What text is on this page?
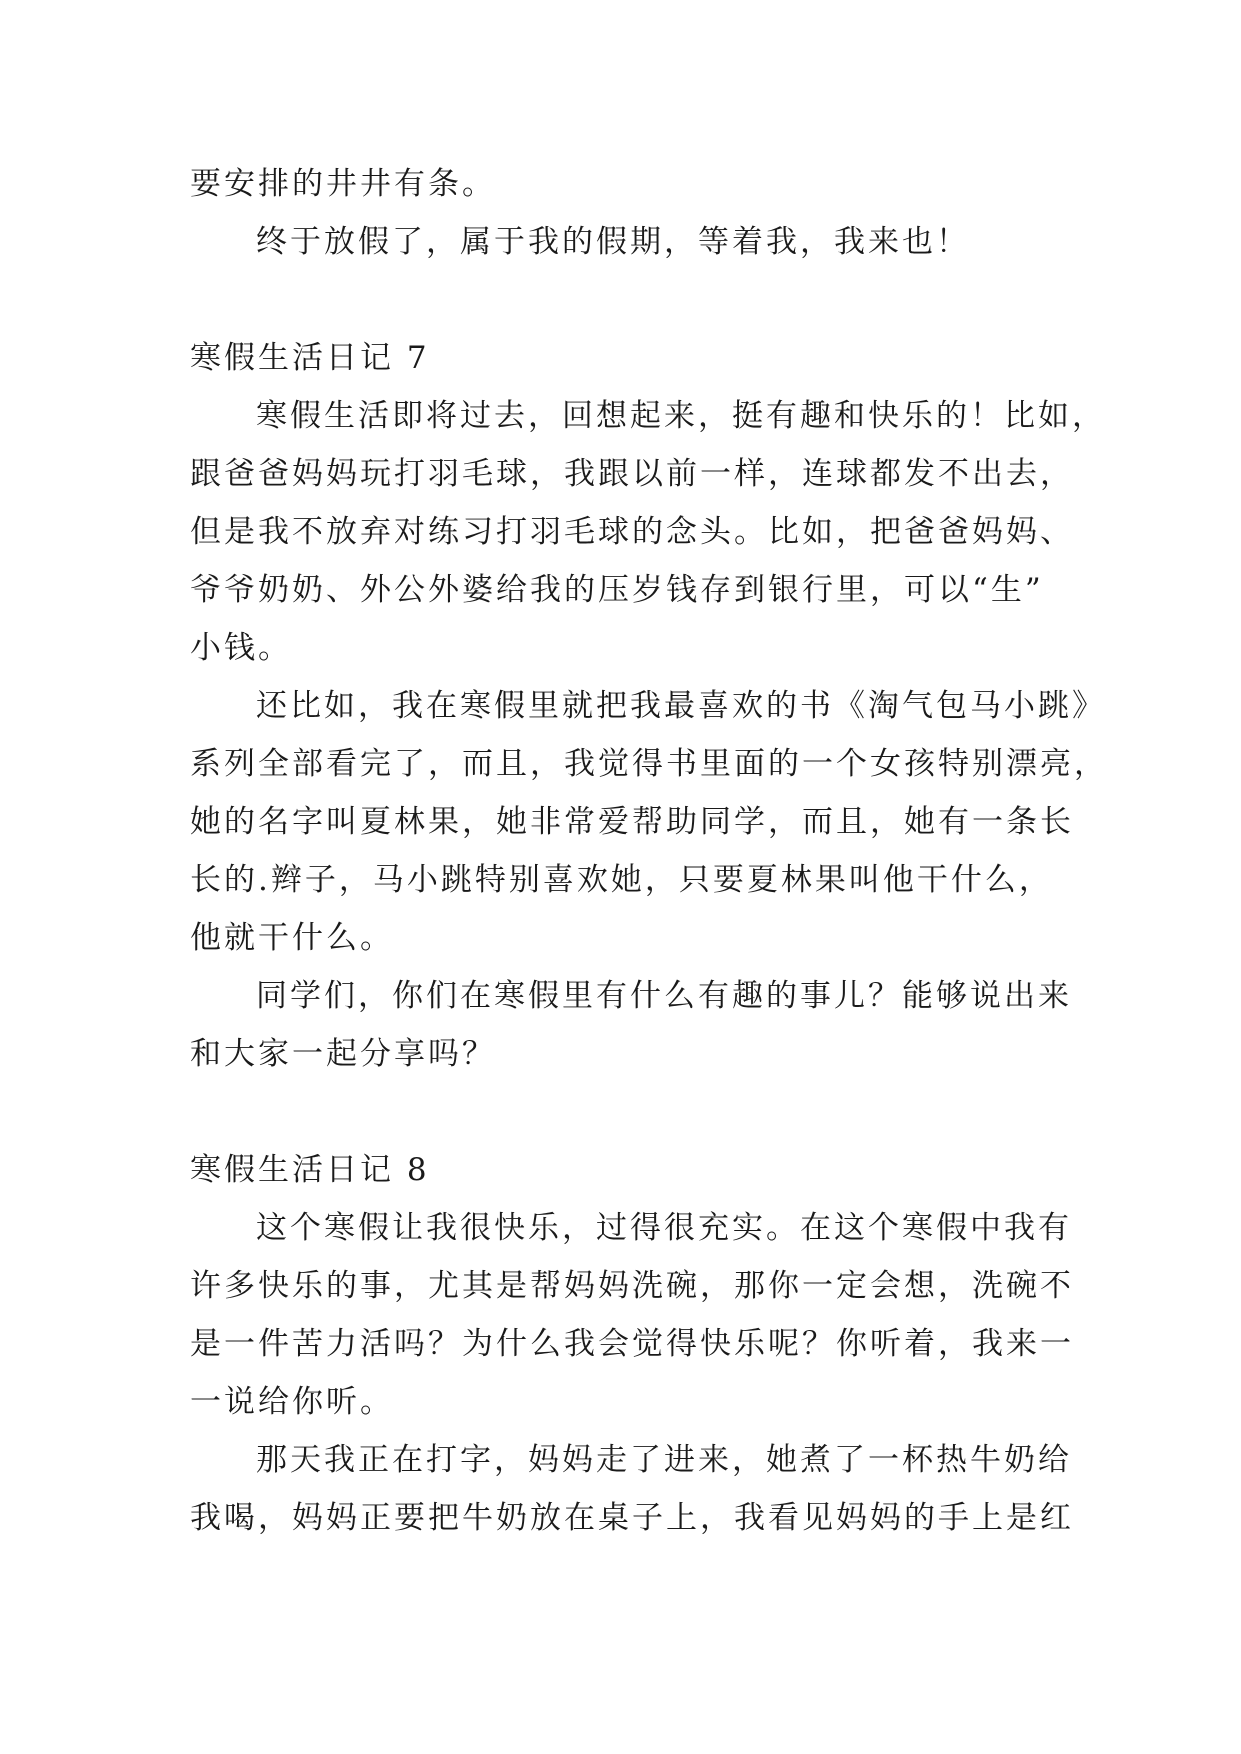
要安排的井井有条。
终于放假了，属于我的假期，等着我，我来也！
寒假生活日记 7
寒假生活即将过去，回想起来，挺有趣和快乐的！比如，
跟爸爸妈妈玩打羽毛球，我跟以前一样，连球都发不出去，
但是我不放弃对练习打羽毛球的念头。比如，把爸爸妈妈、
爷爷奶奶、外公外婆给我的压岁钱存到银行里，可以“生”
小钱。
还比如，我在寒假里就把我最喜欢的书《淘气包马小跳》
系列全部看完了，而且，我觉得书里面的一个女孩特别漂亮，
她的名字叫夏林果，她非常爱帮助同学，而且，她有一条长
长的.辫子，马小跳特别喜欢她，只要夏林果叫他干什么，
他就干什么。
同学们，你们在寒假里有什么有趣的事儿？能够说出来
和大家一起分享吗？
寒假生活日记 8
这个寒假让我很快乐，过得很充实。在这个寒假中我有
许多快乐的事，尤其是帮妈妈洗碗，那你一定会想，洗碗不
是一件苦力活吗？为什么我会觉得快乐呢？你听着，我来一
一说给你听。
那天我正在打字，妈妈走了进来，她煮了一杯热牛奶给
我喝，妈妈正要把牛奶放在桌子上，我看见妈妈的手上是红
